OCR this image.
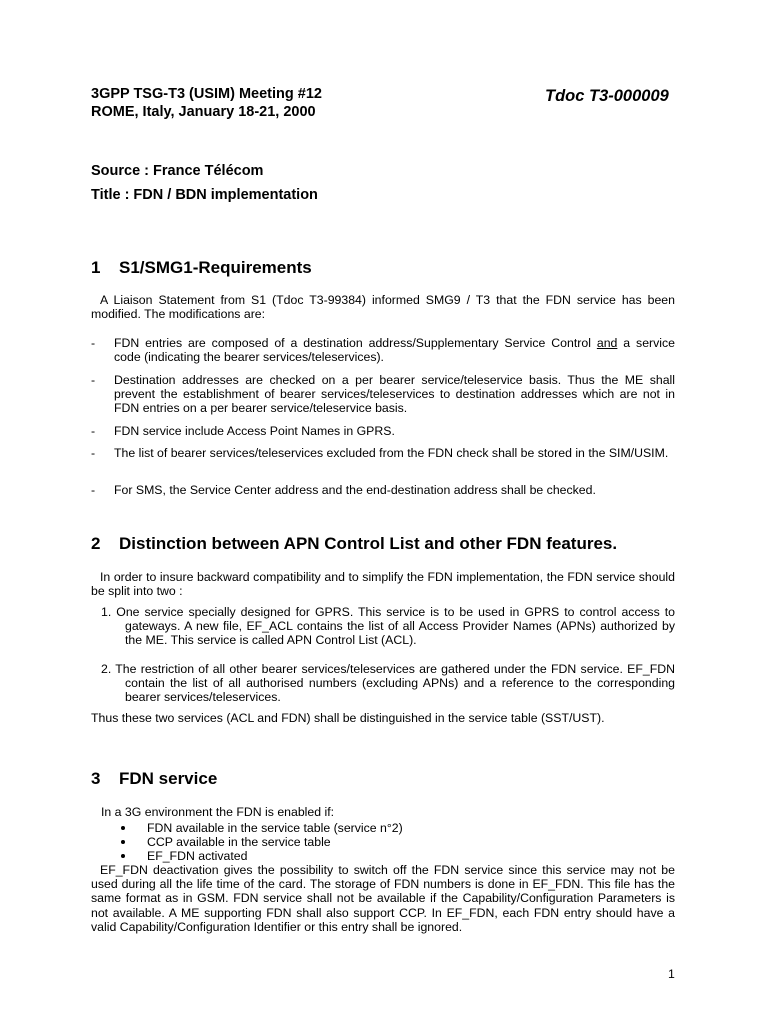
3GPP TSG-T3 (USIM) Meeting #12
ROME, Italy, January 18-21, 2000
Tdoc T3-000009
Source : France Télécom
Title : FDN / BDN implementation
1 S1/SMG1-Requirements
A Liaison Statement from S1 (Tdoc T3-99384) informed SMG9 / T3 that the FDN service has been modified. The modifications are:
- FDN entries are composed of a destination address/Supplementary Service Control and a service code (indicating the bearer services/teleservices).
- Destination addresses are checked on a per bearer service/teleservice basis. Thus the ME shall prevent the establishment of bearer services/teleservices to destination addresses which are not in FDN entries on a per bearer service/teleservice basis.
- FDN service include Access Point Names in GPRS.
- The list of bearer services/teleservices excluded from the FDN check shall be stored in the SIM/USIM.
- For SMS, the Service Center address and the end-destination address shall be checked.
2 Distinction between APN Control List and other FDN features.
In order to insure backward compatibility and to simplify the FDN implementation, the FDN service should be split into two :
1. One service specially designed for GPRS. This service is to be used in GPRS to control access to gateways. A new file, EF_ACL contains the list of all Access Provider Names (APNs) authorized by the ME. This service is called APN Control List (ACL).
2. The restriction of all other bearer services/teleservices are gathered under the FDN service. EF_FDN contain the list of all authorised numbers (excluding APNs) and a reference to the corresponding bearer services/teleservices.
Thus these two services (ACL and FDN) shall be distinguished in the service table (SST/UST).
3 FDN service
In a 3G environment the FDN is enabled if:
FDN available in the service table (service n°2)
CCP available in the service table
EF_FDN activated
EF_FDN deactivation gives the possibility to switch off the FDN service since this service may not be used during all the life time of the card. The storage of FDN numbers is done in EF_FDN. This file has the same format as in GSM. FDN service shall not be available if the Capability/Configuration Parameters is not available. A ME supporting FDN shall also support CCP. In EF_FDN, each FDN entry should have a valid Capability/Configuration Identifier or this entry shall be ignored.
1
